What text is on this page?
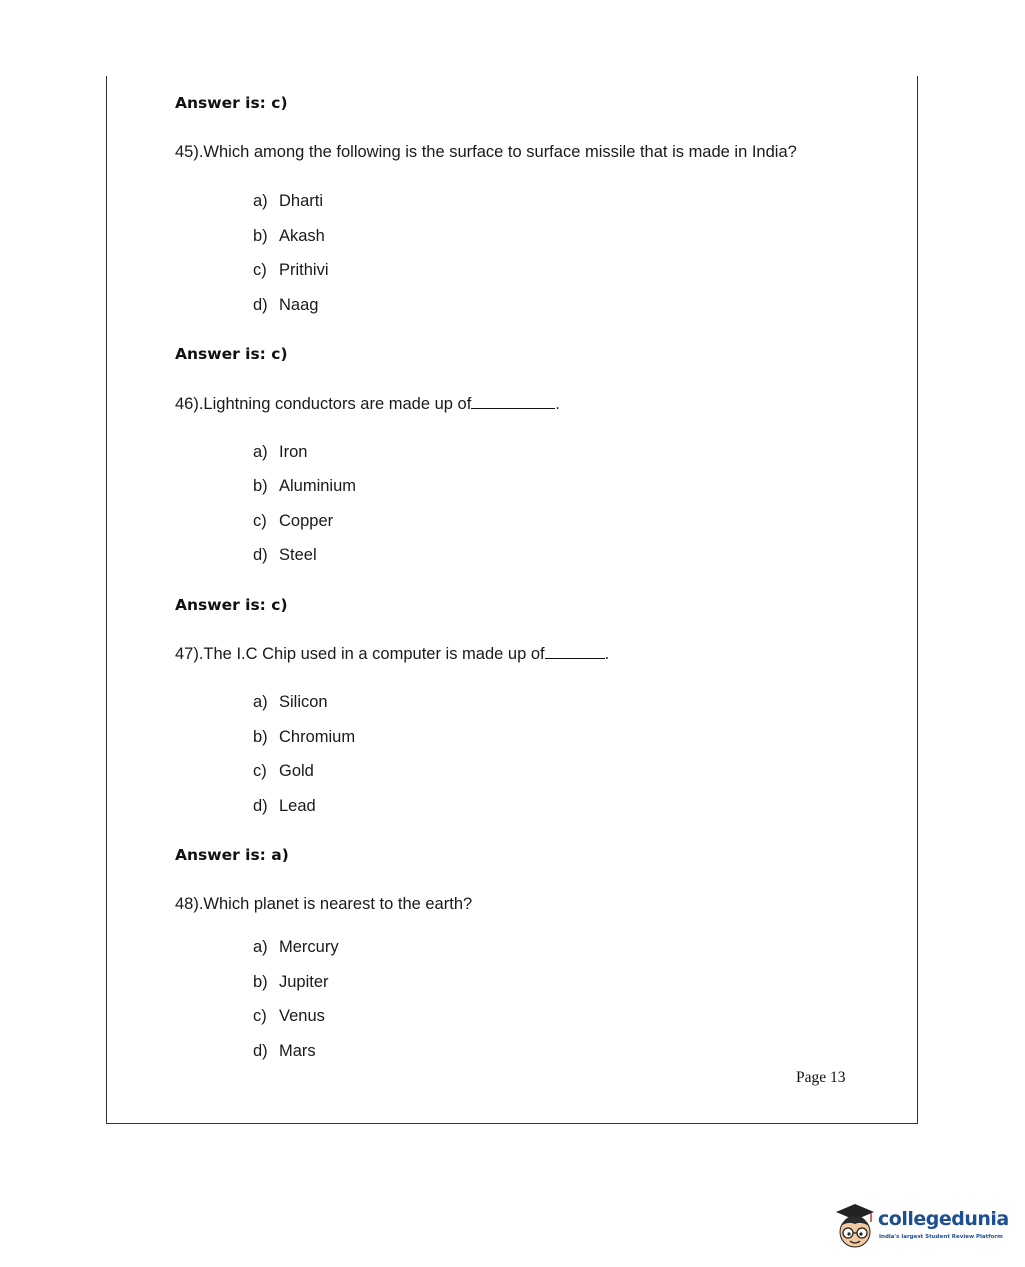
Answer is: c)
45).Which among the following is the surface to surface missile that is made in India?
a) Dharti
b) Akash
c) Prithivi
d) Naag
Answer is: c)
46).Lightning conductors are made up of	.
a) Iron
b) Aluminium
c) Copper
d) Steel
Answer is: c)
47).The I.C Chip used in a computer is made up of	.
a) Silicon
b) Chromium
c) Gold
d) Lead
Answer is: a)
48).Which planet is nearest to the earth?
a) Mercury
b) Jupiter
c) Venus
d) Mars
Page 13
collegedunia
India's largest Student Review Platform
